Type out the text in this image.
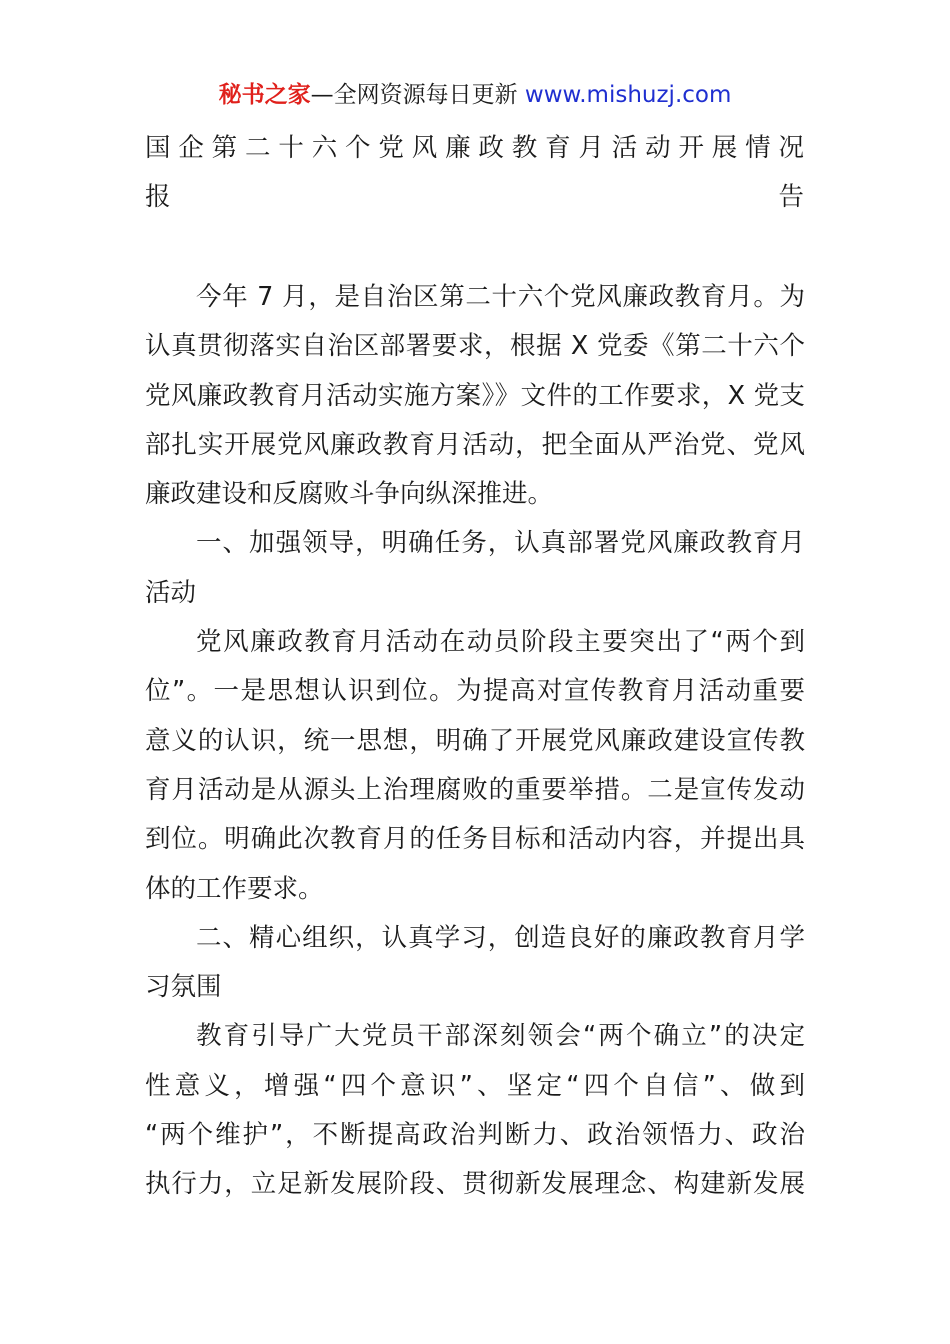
秘书之家—全网资源每日更新 www.mishuzj.com
国企第二十六个党风廉政教育月活动开展情况
报告
今年 7 月，是自治区第二十六个党风廉政教育月。为
认真贯彻落实自治区部署要求，根据 X 党委《第二十六个
党风廉政教育月活动实施方案》》文件的工作要求，X 党支
部扎实开展党风廉政教育月活动，把全面从严治党、党风
廉政建设和反腐败斗争向纵深推进。
一、加强领导，明确任务，认真部署党风廉政教育月
活动
党风廉政教育月活动在动员阶段主要突出了“两个到
位”。一是思想认识到位。为提高对宣传教育月活动重要
意义的认识，统一思想，明确了开展党风廉政建设宣传教
育月活动是从源头上治理腐败的重要举措。二是宣传发动
到位。明确此次教育月的任务目标和活动内容，并提出具
体的工作要求。
二、精心组织，认真学习，创造良好的廉政教育月学
习氛围
教育引导广大党员干部深刻领会“两个确立”的决定
性意义，增强“四个意识”、坚定“四个自信”、做到
“两个维护”，不断提高政治判断力、政治领悟力、政治
执行力，立足新发展阶段、贯彻新发展理念、构建新发展
